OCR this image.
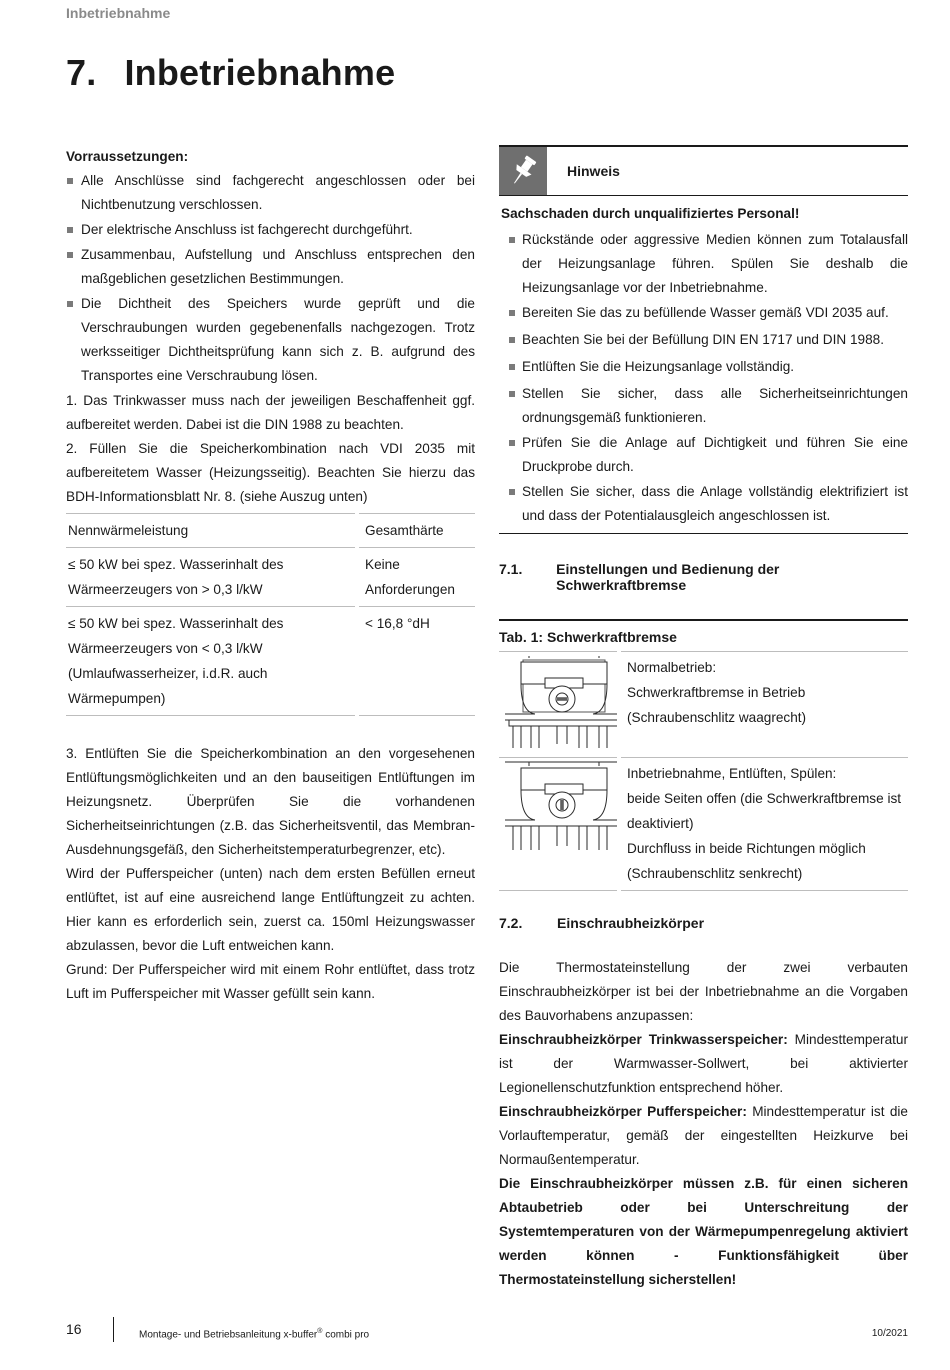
Inbetriebnahme
7. Inbetriebnahme

Vorraussetzungen:

Alle Anschlüsse sind fachgerecht angeschlossen oder bei Nichtbenutzung verschlossen.
Der elektrische Anschluss ist fachgerecht durchgeführt.
Zusammenbau, Aufstellung und Anschluss entsprechen den maßgeblichen gesetzlichen Bestimmungen.
Die Dichtheit des Speichers wurde geprüft und die Verschraubungen wurden gegebenenfalls nachgezogen. Trotz werksseitiger Dichtheitsprüfung kann sich z. B. aufgrund des Transportes eine Verschraubung lösen.

1. Das Trinkwasser muss nach der jeweiligen Beschaffenheit ggf. aufbereitet werden. Dabei ist die DIN 1988 zu beachten.

2. Füllen Sie die Speicherkombination nach VDI 2035 mit aufbereitetem Wasser (Heizungsseitig). Beachten Sie hierzu das BDH-Informationsblatt Nr. 8. (siehe Auszug unten)

Nennwärmeleistung	Gesamthärte
≤ 50 kW bei spez. Wasserinhalt des Wärmeerzeugers von > 0,3 l/kW	Keine Anforderungen
≤ 50 kW bei spez. Wasserinhalt des Wärmeerzeugers von < 0,3 l/kW (Umlaufwasserheizer, i.d.R. auch Wärmepumpen)	< 16,8 °dH

3. Entlüften Sie die Speicherkombination an den vorgesehenen Entlüftungsmöglichkeiten und an den bauseitigen Entlüftungen im Heizungsnetz. Überprüfen Sie die vorhandenen Sicherheitseinrichtungen (z.B. das Sicherheitsventil, das Membran-Ausdehnungsgefäß, den Sicherheitstemperaturbegrenzer, etc).

Wird der Pufferspeicher (unten) nach dem ersten Befüllen erneut entlüftet, ist auf eine ausreichend lange Entlüftungzeit zu achten. Hier kann es erforderlich sein, zuerst ca. 150ml Heizungswasser abzulassen, bevor die Luft entweichen kann.

Grund: Der Pufferspeicher wird mit einem Rohr entlüftet, dass trotz Luft im Pufferspeicher mit Wasser gefüllt sein kann.

Hinweis

Sachschaden durch unqualifiziertes Personal!

Rückstände oder aggressive Medien können zum Totalausfall der Heizungsanlage führen. Spülen Sie deshalb die Heizungsanlage vor der Inbetriebnahme.
Bereiten Sie das zu befüllende Wasser gemäß VDI 2035 auf.
Beachten Sie bei der Befüllung DIN EN 1717 und DIN 1988.
Entlüften Sie die Heizungsanlage vollständig.
Stellen Sie sicher, dass alle Sicherheitseinrichtungen ordnungsgemäß funktionieren.
Prüfen Sie die Anlage auf Dichtigkeit und führen Sie eine Druckprobe durch.
Stellen Sie sicher, dass die Anlage vollständig elektrifiziert ist und dass der Potentialausgleich angeschlossen ist.
7.1.	Einstellungen und Bedienung der Schwerkraftbremse
Tab. 1: Schwerkraftbremse

Normalbetrieb:
Schwerkraftbremse in Betrieb
(Schraubenschlitz waagrecht)

Inbetriebnahme, Entlüften, Spülen:
beide Seiten offen (die Schwerkraftbremse ist deaktiviert)
Durchfluss in beide Richtungen möglich
(Schraubenschlitz senkrecht)
7.2.	Einschraubheizkörper

Die Thermostateinstellung der zwei verbauten Einschraubheizkörper ist bei der Inbetriebnahme an die Vorgaben des Bauvorhabens anzupassen:

Einschraubheizkörper Trinkwasserspeicher: Mindesttemperatur ist der Warmwasser-Sollwert, bei aktivierter Legionellenschutzfunktion entsprechend höher.

Einschraubheizkörper Pufferspeicher: Mindesttemperatur ist die Vorlauftemperatur, gemäß der eingestellten Heizkurve bei Normaußentemperatur.

Die Einschraubheizkörper müssen z.B. für einen sicheren Abtaubetrieb oder bei Unterschreitung der Systemtemperaturen von der Wärmepumpenregelung aktiviert werden können - Funktionsfähigkeit über Thermostateinstellung sicherstellen!

16	Montage- und Betriebsanleitung x-buffer® combi pro	10/2021
